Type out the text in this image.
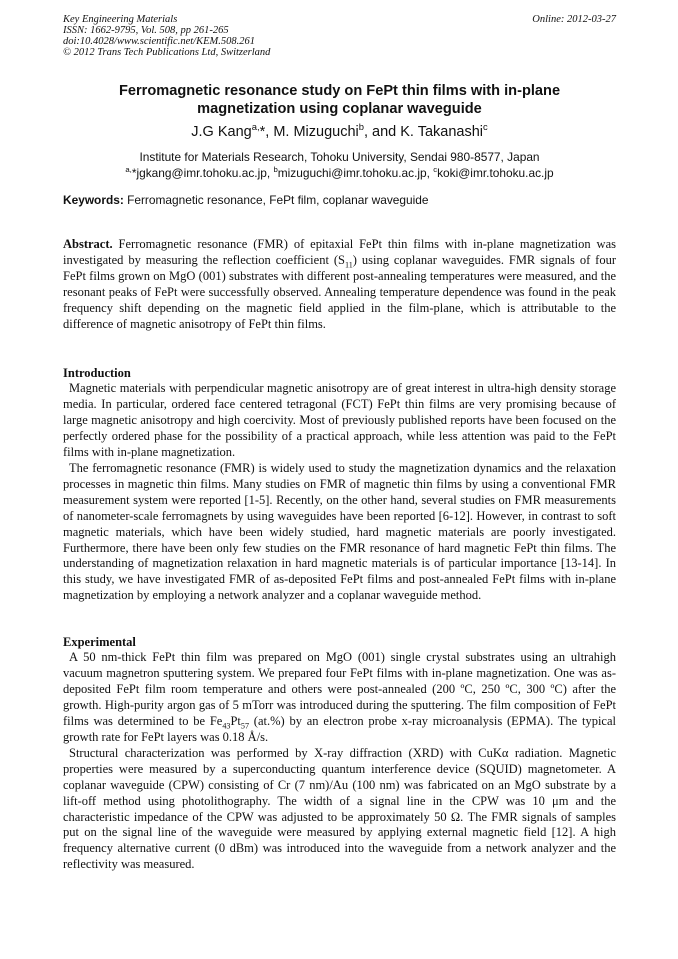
Key Engineering Materials
ISSN: 1662-9795, Vol. 508, pp 261-265
doi:10.4028/www.scientific.net/KEM.508.261
© 2012 Trans Tech Publications Ltd, Switzerland
Online: 2012-03-27
Ferromagnetic resonance study on FePt thin films with in-plane
magnetization using coplanar waveguide
J.G Kang$^{a,}$*, M. Mizuguchi$^b$, and K. Takanashi$^c$
Institute for Materials Research, Tohoku University, Sendai 980-8577, Japan
$^{a,}$*jgkang@imr.tohoku.ac.jp, $^b$mizuguchi@imr.tohoku.ac.jp, $^c$koki@imr.tohoku.ac.jp
Keywords: Ferromagnetic resonance, FePt film, coplanar waveguide
Abstract. Ferromagnetic resonance (FMR) of epitaxial FePt thin films with in-plane magnetization was investigated by measuring the reflection coefficient $(S_{11})$ using coplanar waveguides. FMR signals of four FePt films grown on MgO (001) substrates with different post-annealing temperatures were measured, and the resonant peaks of FePt were successfully observed. Annealing temperature dependence was found in the peak frequency shift depending on the magnetic field applied in the film-plane, which is attributable to the difference of magnetic anisotropy of FePt thin films.
Introduction

Magnetic materials with perpendicular magnetic anisotropy are of great interest in ultra-high density storage media. In particular, ordered face centered tetragonal (FCT) FePt thin films are very promising because of large magnetic anisotropy and high coercivity. Most of previously published reports have been focused on the perfectly ordered phase for the possibility of a practical approach, while less attention was paid to the FePt films with in-plane magnetization.

The ferromagnetic resonance (FMR) is widely used to study the magnetization dynamics and the relaxation processes in magnetic thin films. Many studies on FMR of magnetic thin films by using a conventional FMR measurement system were reported [1-5]. Recently, on the other hand, several studies on FMR measurements of nanometer-scale ferromagnets by using waveguides have been reported [6-12]. However, in contrast to soft magnetic materials, which have been widely studied, hard magnetic materials are poorly investigated. Furthermore, there have been only few studies on the FMR resonance of hard magnetic FePt thin films. The understanding of magnetization relaxation in hard magnetic materials is of particular importance [13-14]. In this study, we have investigated FMR of as-deposited FePt films and post-annealed FePt films with in-plane magnetization by employing a network analyzer and a coplanar waveguide method.

Experimental

A 50 nm-thick FePt thin film was prepared on MgO (001) single crystal substrates using an ultrahigh vacuum magnetron sputtering system. We prepared four FePt films with in-plane magnetization. One was as-deposited FePt film room temperature and others were post-annealed (200 ºC, 250 ºC, 300 ºC) after the growth. High-purity argon gas of 5 mTorr was introduced during the sputtering. The film composition of FePt films was determined to be $Fe_{43}Pt_{57}$ (at.%) by an electron probe x-ray microanalysis (EPMA). The typical growth rate for FePt layers was 0.18 Å/s.

Structural characterization was performed by X-ray diffraction (XRD) with CuKα radiation. Magnetic properties were measured by a superconducting quantum interference device (SQUID) magnetometer. A coplanar waveguide (CPW) consisting of Cr (7 nm)/Au (100 nm) was fabricated on an MgO substrate by a lift-off method using photolithography. The width of a signal line in the CPW was 10 μm and the characteristic impedance of the CPW was adjusted to be approximately 50 Ω. The FMR signals of samples put on the signal line of the waveguide were measured by applying external magnetic field [12]. A high frequency alternative current (0 dBm) was introduced into the waveguide from a network analyzer and the reflectivity was measured.
